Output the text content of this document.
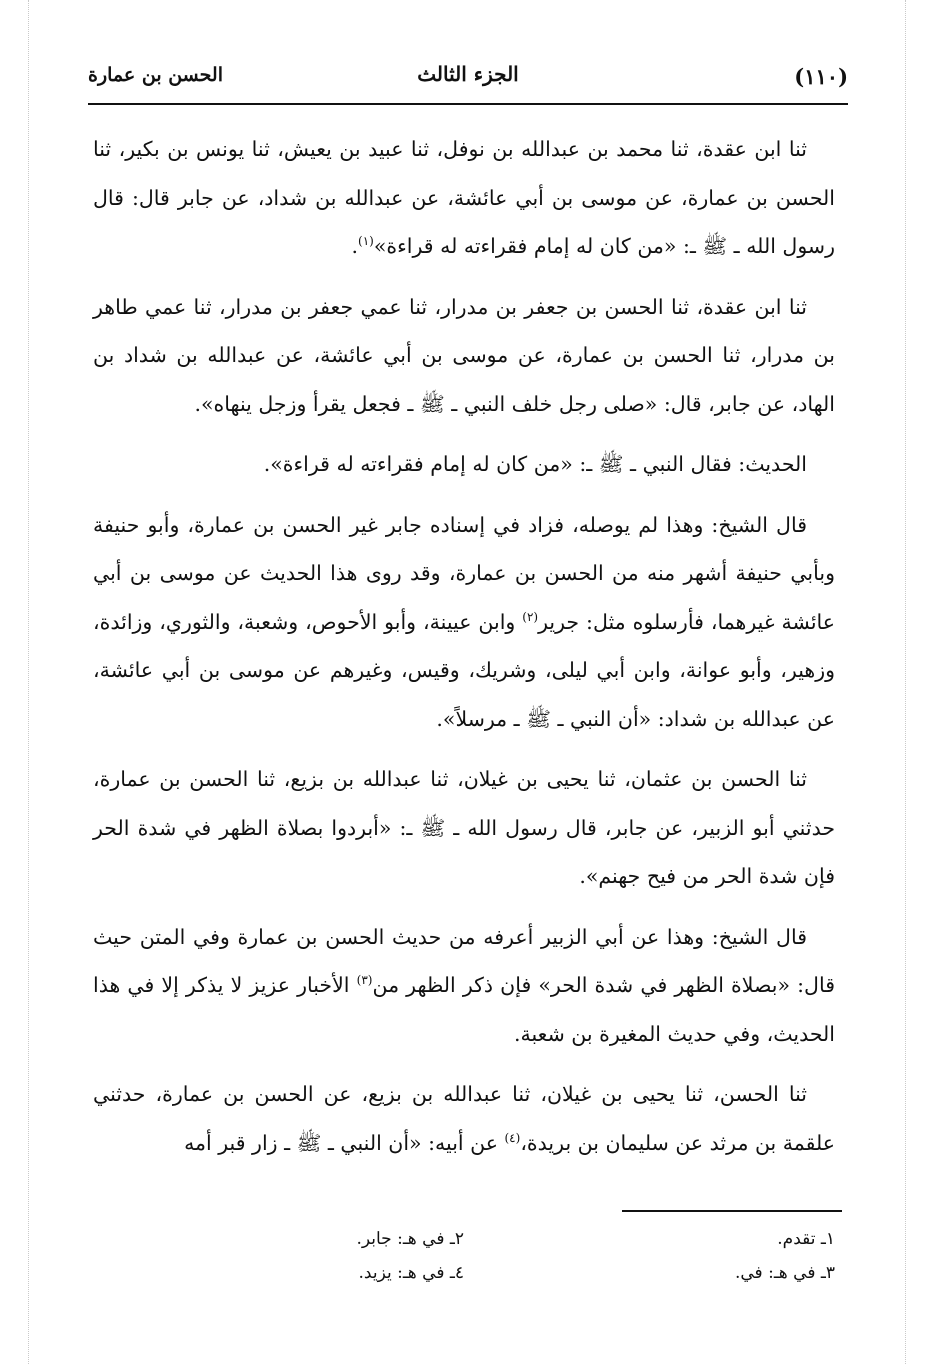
(١١٠)
الجزء الثالث
الحسن بن عمارة

ثنا ابن عقدة، ثنا محمد بن عبدالله بن نوفل، ثنا عبيد بن يعيش، ثنا يونس بن بكير، ثنا الحسن بن عمارة، عن موسى بن أبي عائشة، عن عبدالله بن شداد، عن جابر قال: قال رسول الله ـ ﷺ ـ: «من كان له إمام فقراءته له قراءة»$^{(١)}$.

ثنا ابن عقدة، ثنا الحسن بن جعفر بن مدرار، ثنا عمي جعفر بن مدرار، ثنا عمي طاهر بن مدرار، ثنا الحسن بن عمارة، عن موسى بن أبي عائشة، عن عبدالله بن شداد بن الهاد، عن جابر، قال: «صلى رجل خلف النبي ـ ﷺ ـ فجعل يقرأ وزجل ينهاه».

الحديث: فقال النبي ـ ﷺ ـ: «من كان له إمام فقراءته له قراءة».

قال الشيخ: وهذا لم يوصله، فزاد في إسناده جابر غير الحسن بن عمارة، وأبو حنيفة وبأبي حنيفة أشهر منه من الحسن بن عمارة، وقد روى هذا الحديث عن موسى بن أبي عائشة غيرهما، فأرسلوه مثل: جرير$^{(٢)}$ وابن عيينة، وأبو الأحوص، وشعبة، والثوري، وزائدة، وزهير، وأبو عوانة، وابن أبي ليلى، وشريك، وقيس، وغيرهم عن موسى بن أبي عائشة، عن عبدالله بن شداد: «أن النبي ـ ﷺ ـ مرسلاً».

ثنا الحسن بن عثمان، ثنا يحيى بن غيلان، ثنا عبدالله بن بزيع، ثنا الحسن بن عمارة، حدثني أبو الزبير، عن جابر، قال رسول الله ـ ﷺ ـ: «أبردوا بصلاة الظهر في شدة الحر فإن شدة الحر من فيح جهنم».

قال الشيخ: وهذا عن أبي الزبير أعرفه من حديث الحسن بن عمارة وفي المتن حيث قال: «بصلاة الظهر في شدة الحر» فإن ذكر الظهر من$^{(٣)}$ الأخبار عزيز لا يذكر إلا في هذا الحديث، وفي حديث المغيرة بن شعبة.

ثنا الحسن، ثنا يحيى بن غيلان، ثنا عبدالله بن بزيع، عن الحسن بن عمارة، حدثني علقمة بن مرثد عن سليمان بن بريدة،$^{(٤)}$ عن أبيه: «أن النبي ـ ﷺ ـ زار قبر أمه

١ـ تقدم.
٢ـ في هـ: جابر.
٣ـ في هـ: في.
٤ـ في هـ: يزيد.
